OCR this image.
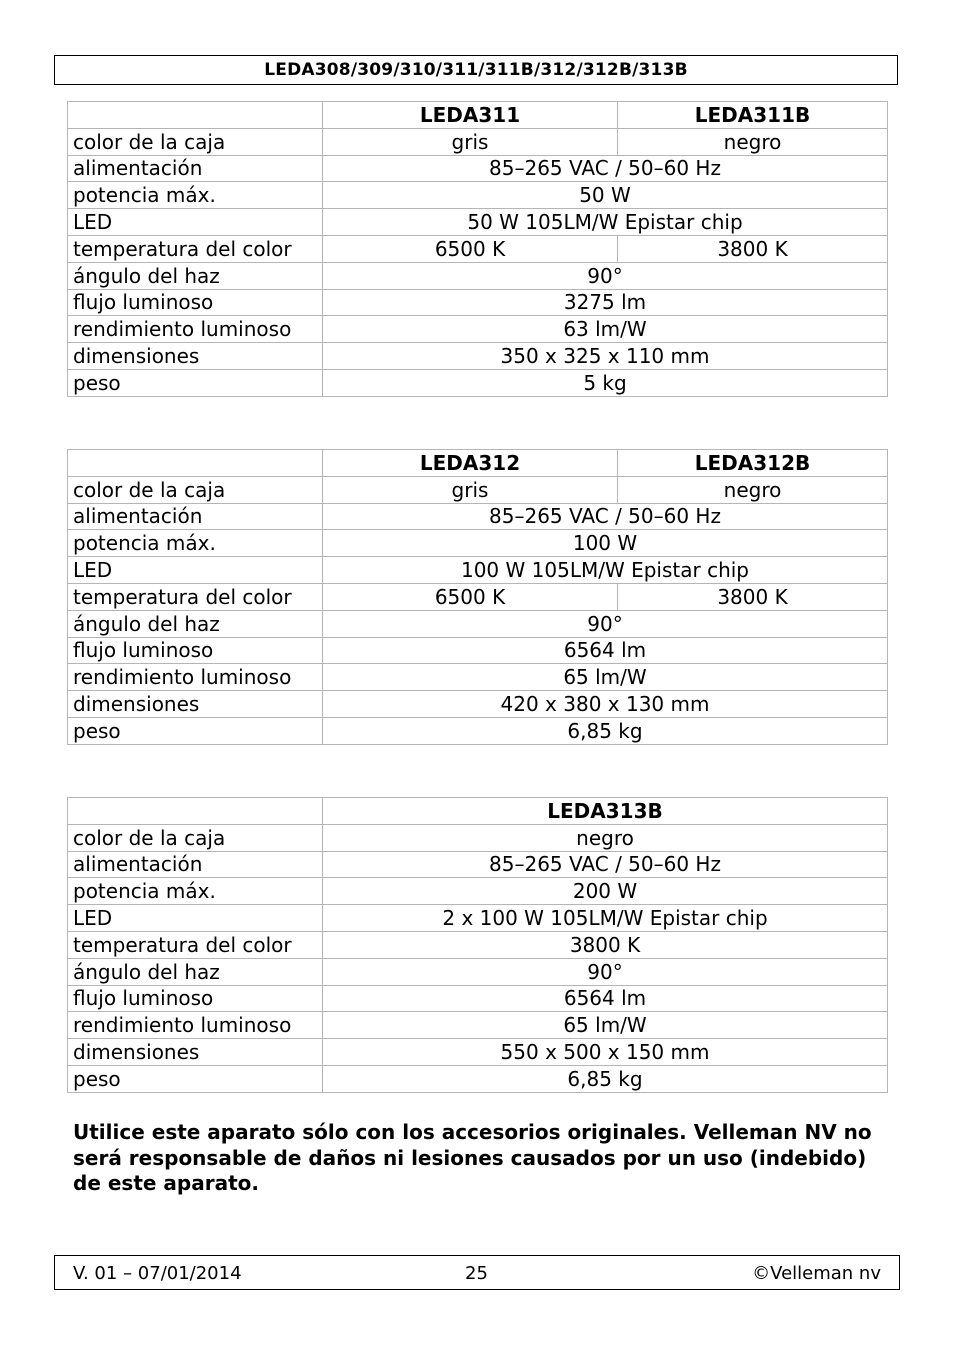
LEDA308/309/310/311/311B/312/312B/313B
	LEDA311	LEDA311B
color de la caja	gris	negro
alimentación	85–265 VAC / 50–60 Hz	
potencia máx.	50 W	
LED	50 W 105LM/W Epistar chip	
temperatura del color	6500 K	3800 K
ángulo del haz	90°	
flujo luminoso	3275 lm	
rendimiento luminoso	63 lm/W	
dimensiones	350 x 325 x 110 mm	
peso	5 kg	
	LEDA312	LEDA312B
color de la caja	gris	negro
alimentación	85–265 VAC / 50–60 Hz	
potencia máx.	100 W	
LED	100 W 105LM/W Epistar chip	
temperatura del color	6500 K	3800 K
ángulo del haz	90°	
flujo luminoso	6564 lm	
rendimiento luminoso	65 lm/W	
dimensiones	420 x 380 x 130 mm	
peso	6,85 kg	
	LEDA313B
color de la caja	negro
alimentación	85–265 VAC / 50–60 Hz
potencia máx.	200 W
LED	2 x 100 W 105LM/W Epistar chip
temperatura del color	3800 K
ángulo del haz	90°
flujo luminoso	6564 lm
rendimiento luminoso	65 lm/W
dimensiones	550 x 500 x 150 mm
peso	6,85 kg
Utilice este aparato sólo con los accesorios originales. Velleman NV no será responsable de daños ni lesiones causados por un uso (indebido) de este aparato.
V. 01 – 07/01/2014	25	©Velleman nv
